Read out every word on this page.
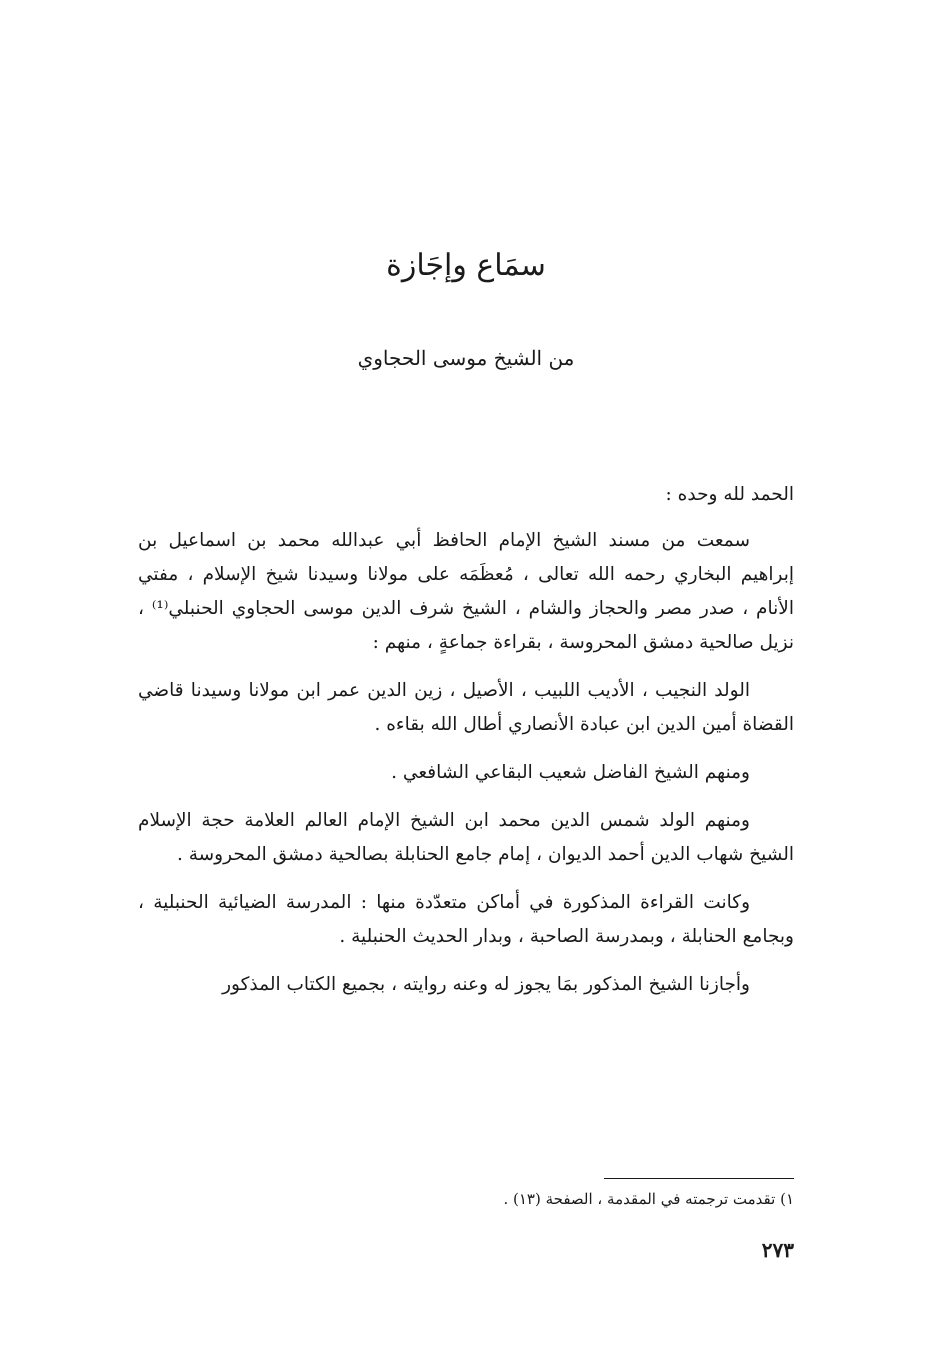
سمَاع وإجَازة
من الشيخ موسى الحجاوي

الحمد لله وحده :

سمعت من مسند الشيخ الإمام الحافظ أبي عبدالله محمد بن اسماعيل بن إبراهيم البخاري رحمه الله تعالى ، مُعظَمَه على مولانا وسيدنا شيخ الإسلام ، مفتي الأنام ، صدر مصر والحجاز والشام ، الشيخ شرف الدين موسى الحجاوي الحنبلي⁽¹⁾ ، نزيل صالحية دمشق المحروسة ، بقراءة جماعةٍ ، منهم :

الولد النجيب ، الأديب اللبيب ، الأصيل ، زين الدين عمر ابن مولانا وسيدنا قاضي القضاة أمين الدين ابن عبادة الأنصاري أطال الله بقاءه .

ومنهم الشيخ الفاضل شعيب البقاعي الشافعي .

ومنهم الولد شمس الدين محمد ابن الشيخ الإمام العالم العلامة حجة الإسلام الشيخ شهاب الدين أحمد الديوان ، إمام جامع الحنابلة بصالحية دمشق المحروسة .

وكانت القراءة المذكورة في أماكن متعدّدة منها : المدرسة الضيائية الحنبلية ، وبجامع الحنابلة ، وبمدرسة الصاحبة ، وبدار الحديث الحنبلية .

وأجازنا الشيخ المذكور بمَا يجوز له وعنه روايته ، بجميع الكتاب المذكور

١) تقدمت ترجمته في المقدمة ، الصفحة (١٣) .
٢٧٣
